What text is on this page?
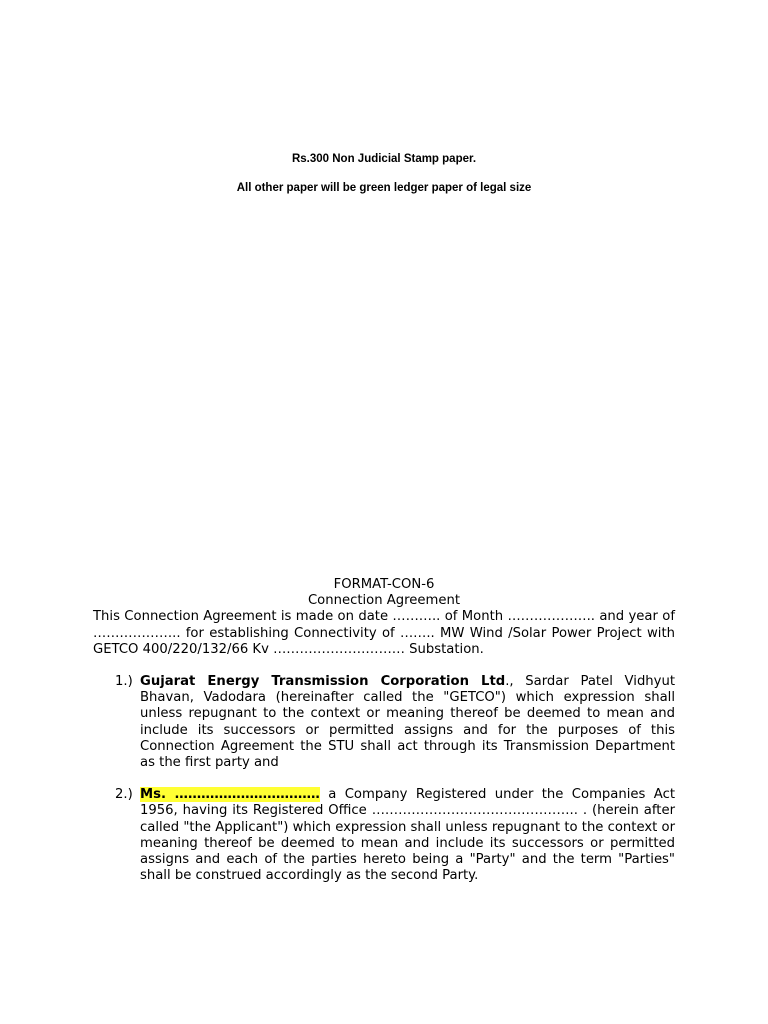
Rs.300 Non Judicial Stamp paper.
All other paper will be green ledger paper of legal size
FORMAT-CON-6
Connection Agreement
This Connection Agreement is made on date ……….. of Month ……………….. and year of ……………….. for establishing Connectivity of …….. MW Wind /Solar Power Project with GETCO 400/220/132/66 Kv ………………………… Substation.
1.) Gujarat Energy Transmission Corporation Ltd., Sardar Patel Vidhyut Bhavan, Vadodara (hereinafter called the "GETCO") which expression shall unless repugnant to the context or meaning thereof be deemed to mean and include its successors or permitted assigns and for the purposes of this Connection Agreement the STU shall act through its Transmission Department as the first party and
2.) Ms. …………………………… a Company Registered under the Companies Act 1956, having its Registered Office ……………………………………….. . (herein after called "the Applicant") which expression shall unless repugnant to the context or meaning thereof be deemed to mean and include its successors or permitted assigns and each of the parties hereto being a "Party" and the term "Parties" shall be construed accordingly as the second Party.
